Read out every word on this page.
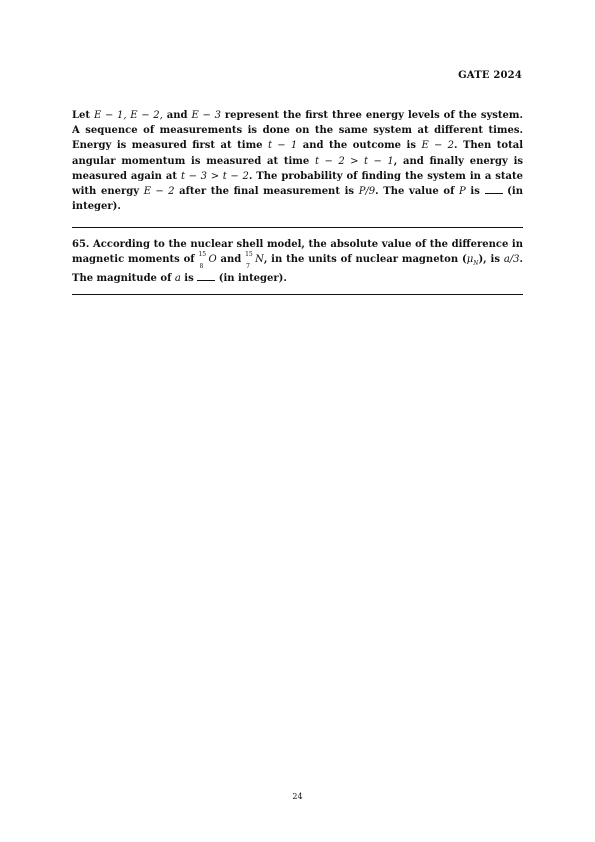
GATE 2024

Let E − 1, E − 2, and E − 3 represent the first three energy levels of the system. A sequence of measurements is done on the same system at different times. Energy is measured first at time t − 1 and the outcome is E − 2. Then total angular momentum is measured at time t − 2 > t − 1, and finally energy is measured again at t − 3 > t − 2. The probability of finding the system in a state with energy E − 2 after the final measurement is P/9. The value of P is  (in integer).

65. According to the nuclear shell model, the absolute value of the difference in magnetic moments of 15
8
O and 15
7
N, in the units of nuclear magneton $(\mu_N)$, is a/3. The magnitude of a is  (in integer).

24
